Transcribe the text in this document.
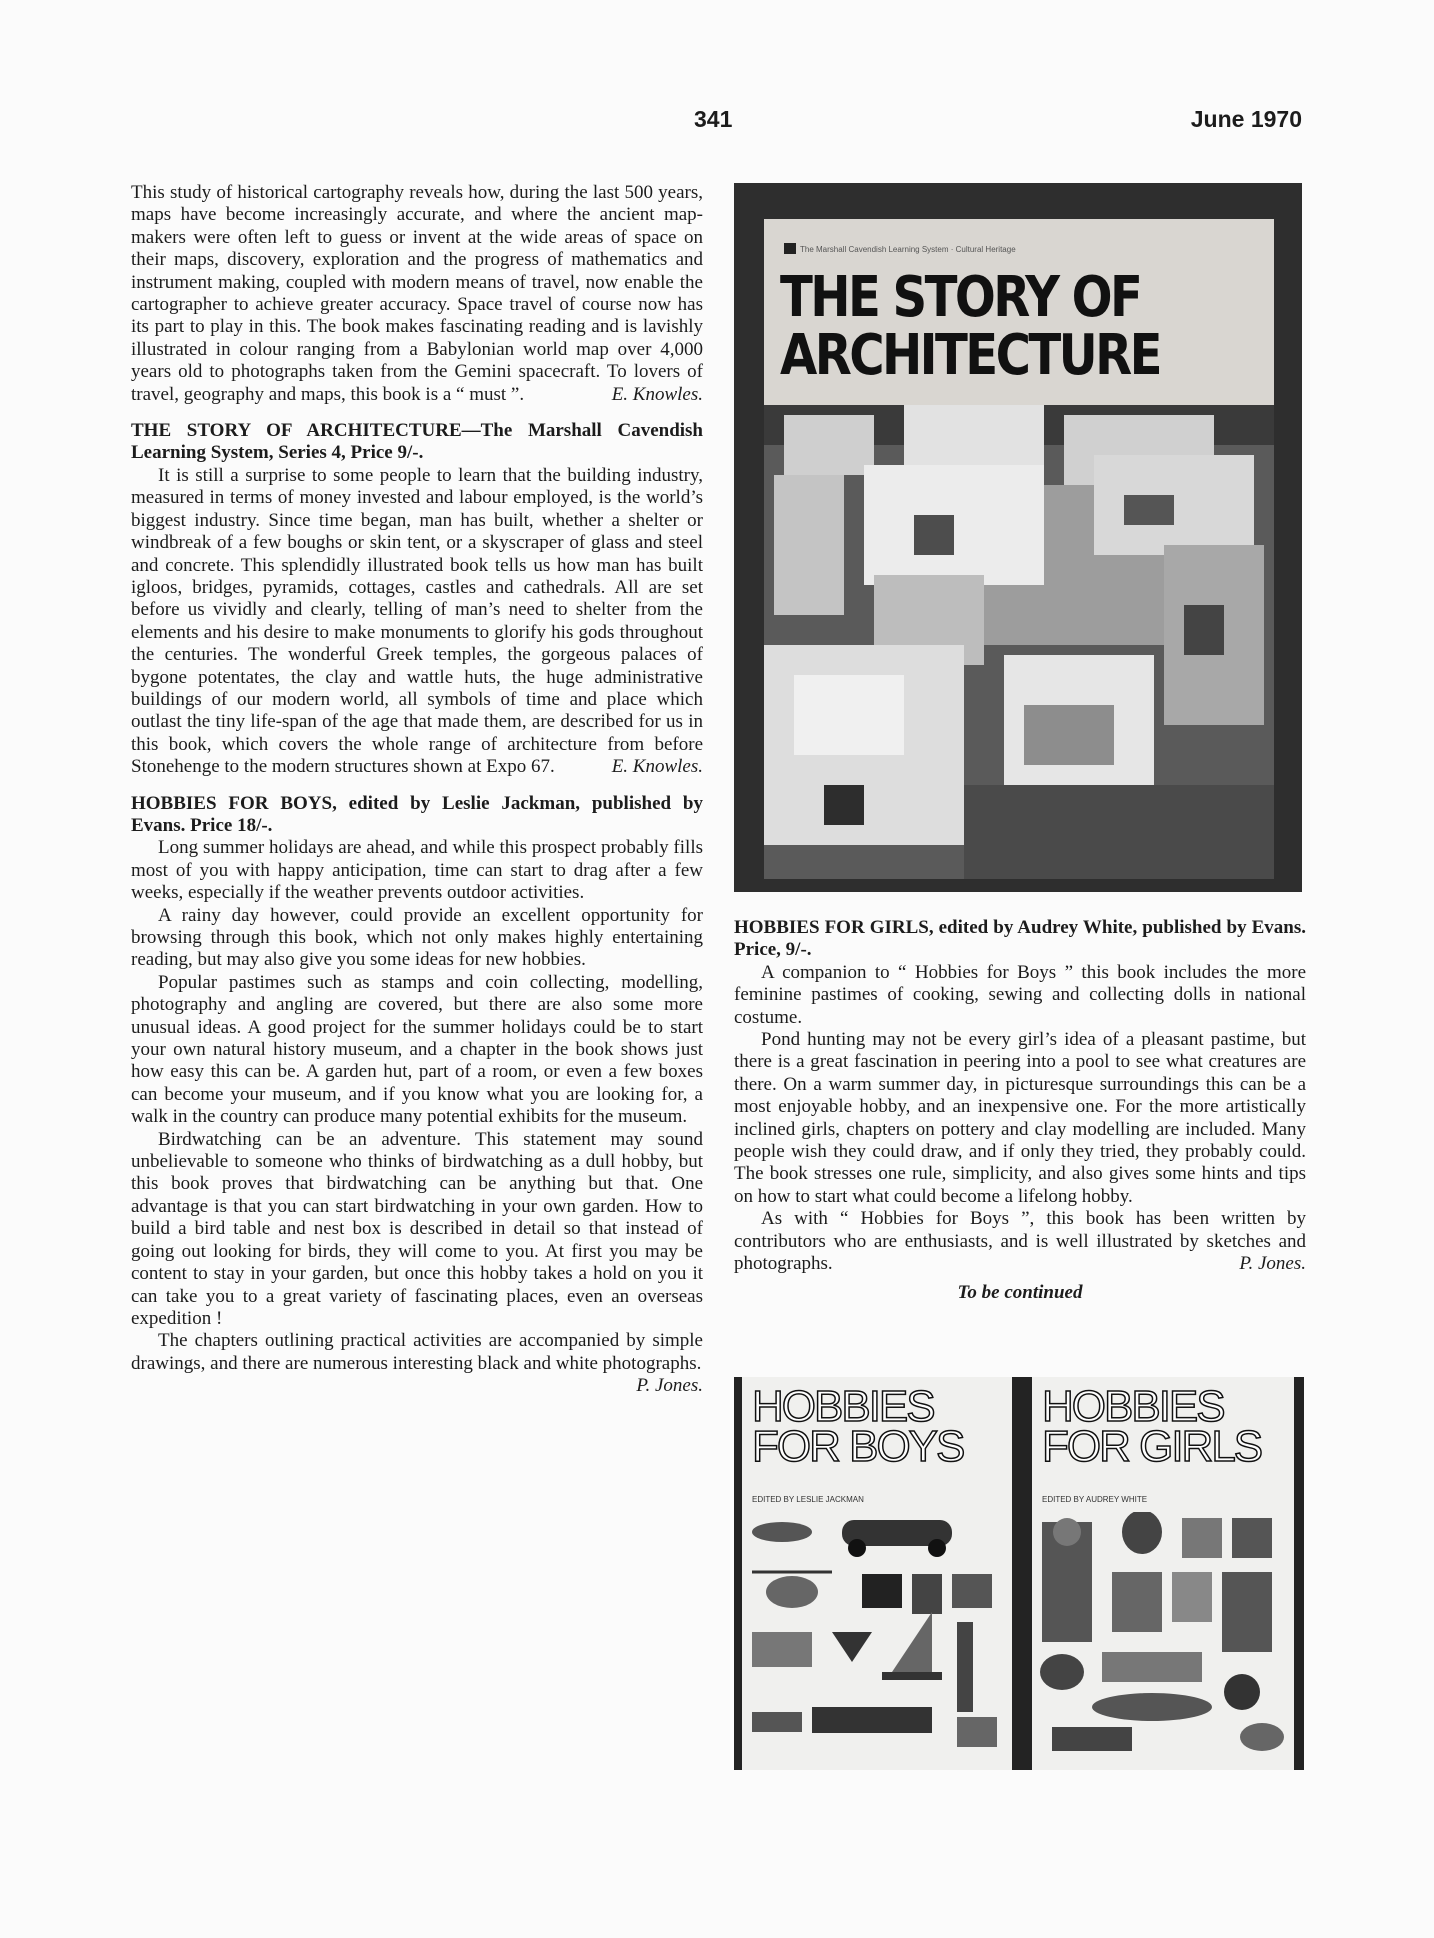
341	June 1970

This study of historical cartography reveals how, during the last 500 years, maps have become increasingly accurate, and where the ancient map-makers were often left to guess or invent at the wide areas of space on their maps, discovery, exploration and the progress of mathematics and instrument making, coupled with modern means of travel, now enable the cartographer to achieve greater accuracy. Space travel of course now has its part to play in this. The book makes fascinating reading and is lavishly illustrated in colour ranging from a Babylonian world map over 4,000 years old to photographs taken from the Gemini spacecraft. To lovers of travel, geography and maps, this book is a “ must ”.	E. Knowles.

THE STORY OF ARCHITECTURE—The Marshall Cavendish Learning System, Series 4, Price 9/-.

It is still a surprise to some people to learn that the building industry, measured in terms of money invested and labour employed, is the world’s biggest industry. Since time began, man has built, whether a shelter or windbreak of a few boughs or skin tent, or a skyscraper of glass and steel and concrete. This splendidly illustrated book tells us how man has built igloos, bridges, pyramids, cottages, castles and cathedrals. All are set before us vividly and clearly, telling of man’s need to shelter from the elements and his desire to make monuments to glorify his gods throughout the centuries. The wonderful Greek temples, the gorgeous palaces of bygone potentates, the clay and wattle huts, the huge administrative buildings of our modern world, all symbols of time and place which outlast the tiny life-span of the age that made them, are described for us in this book, which covers the whole range of architecture from before Stonehenge to the modern structures shown at Expo 67.	E. Knowles.

HOBBIES FOR BOYS, edited by Leslie Jackman, published by Evans. Price 18/-.

Long summer holidays are ahead, and while this prospect probably fills most of you with happy anticipation, time can start to drag after a few weeks, especially if the weather prevents outdoor activities.

A rainy day however, could provide an excellent opportunity for browsing through this book, which not only makes highly entertaining reading, but may also give you some ideas for new hobbies.

Popular pastimes such as stamps and coin collecting, modelling, photography and angling are covered, but there are also some more unusual ideas. A good project for the summer holidays could be to start your own natural history museum, and a chapter in the book shows just how easy this can be. A garden hut, part of a room, or even a few boxes can become your museum, and if you know what you are looking for, a walk in the country can produce many potential exhibits for the museum.

Birdwatching can be an adventure. This statement may sound unbelievable to someone who thinks of birdwatching as a dull hobby, but this book proves that birdwatching can be anything but that. One advantage is that you can start birdwatching in your own garden. How to build a bird table and nest box is described in detail so that instead of going out looking for birds, they will come to you. At first you may be content to stay in your garden, but once this hobby takes a hold on you it can take you to a great variety of fascinating places, even an overseas expedition !

The chapters outlining practical activities are accompanied by simple drawings, and there are numerous interesting black and white photographs.
P. Jones.

The Marshall Cavendish Learning System · Cultural Heritage
THE STORY OF
ARCHITECTURE

HOBBIES FOR GIRLS, edited by Audrey White, published by Evans. Price, 9/-.

A companion to “ Hobbies for Boys ” this book includes the more feminine pastimes of cooking, sewing and collecting dolls in national costume.

Pond hunting may not be every girl’s idea of a pleasant pastime, but there is a great fascination in peering into a pool to see what creatures are there. On a warm summer day, in picturesque surroundings this can be a most enjoyable hobby, and an inexpensive one. For the more artistically inclined girls, chapters on pottery and clay modelling are included. Many people wish they could draw, and if only they tried, they probably could. The book stresses one rule, simplicity, and also gives some hints and tips on how to start what could become a lifelong hobby.

As with “ Hobbies for Boys ”, this book has been written by contributors who are enthusiasts, and is well illustrated by sketches and photographs.	P. Jones.

To be continued

HOBBIES
FOR BOYS
EDITED BY LESLIE JACKMAN
HOBBIES
FOR GIRLS
EDITED BY AUDREY WHITE
